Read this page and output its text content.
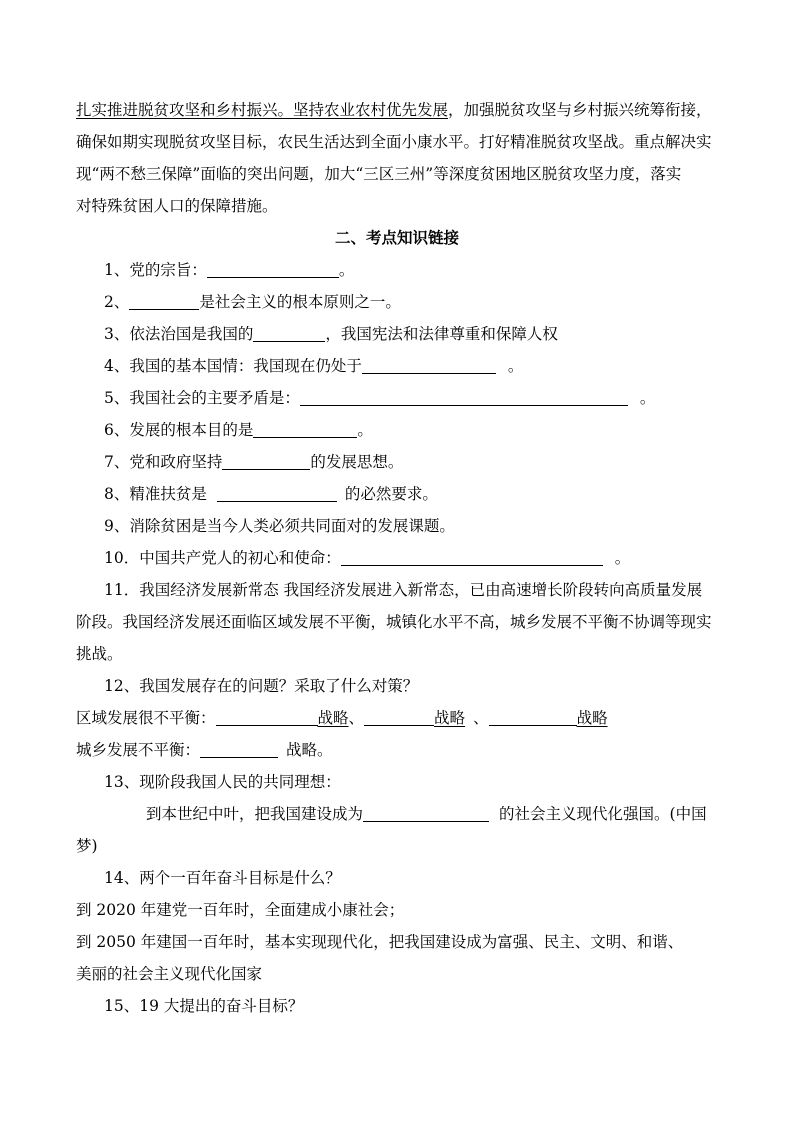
扎实推进脱贫攻坚和乡村振兴。坚持农业农村优先发展，加强脱贫攻坚与乡村振兴统筹衔接，
确保如期实现脱贫攻坚目标，农民生活达到全面小康水平。打好精准脱贫攻坚战。重点解决实
现“两不愁三保障”面临的突出问题，加大“三区三州”等深度贫困地区脱贫攻坚力度，落实
对特殊贫困人口的保障措施。
二、考点知识链接
1、党的宗旨：	。
2、	是社会主义的根本原则之一。
3、依法治国是我国的	，我国宪法和法律尊重和保障人权
4、我国的基本国情：我国现在仍处于	。
5、我国社会的主要矛盾是：	。
6、发展的根本目的是	。
7、党和政府坚持	的发展思想。
8、精准扶贫是	的必然要求。
9、消除贫困是当今人类必须共同面对的发展课题。
10．中国共产党人的初心和使命：	。
11．我国经济发展新常态 我国经济发展进入新常态，已由高速增长阶段转向高质量发展
阶段。我国经济发展还面临区域发展不平衡，城镇化水平不高，城乡发展不平衡不协调等现实
挑战。
12、我国发展存在的问题？采取了什么对策？
区域发展很不平衡：	战略、	战略 、	战略
城乡发展不平衡：	战略。
13、现阶段我国人民的共同理想：
到本世纪中叶，把我国建设成为	的社会主义现代化强国。(中国
梦)
14、两个一百年奋斗目标是什么？
到 2020 年建党一百年时，全面建成小康社会；
到 2050 年建国一百年时，基本实现现代化，把我国建设成为富强、民主、文明、和谐、
美丽的社会主义现代化国家
15、19 大提出的奋斗目标？
